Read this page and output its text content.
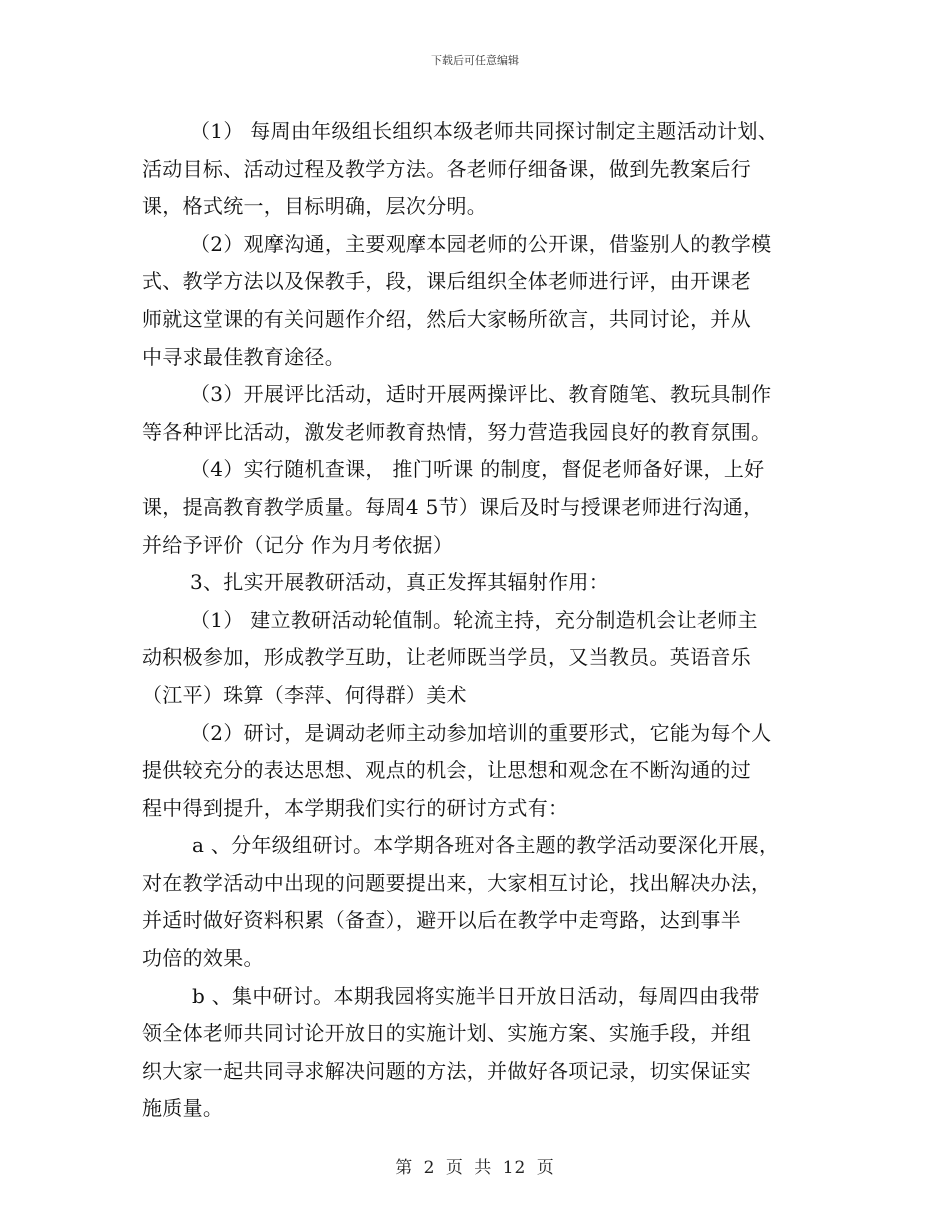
下载后可任意编辑
（1） 每周由年级组长组织本级老师共同探讨制定主题活动计划、
活动目标、活动过程及教学方法。各老师仔细备课，做到先教案后行
课，格式统一，目标明确，层次分明。
（2）观摩沟通，主要观摩本园老师的公开课，借鉴别人的教学模
式、教学方法以及保教手，段，课后组织全体老师进行评，由开课老
师就这堂课的有关问题作介绍，然后大家畅所欲言，共同讨论，并从
中寻求最佳教育途径。
（3）开展评比活动，适时开展两操评比、教育随笔、教玩具制作
等各种评比活动，激发老师教育热情，努力营造我园良好的教育氛围。
（4）实行随机查课， 推门听课 的制度，督促老师备好课，上好
课，提高教育教学质量。每周4 5节）课后及时与授课老师进行沟通，
并给予评价（记分 作为月考依据）
3、扎实开展教研活动，真正发挥其辐射作用：
（1） 建立教研活动轮值制。轮流主持，充分制造机会让老师主
动积极参加，形成教学互助，让老师既当学员，又当教员。英语音乐
（江平）珠算（李萍、何得群）美术
（2）研讨，是调动老师主动参加培训的重要形式，它能为每个人
提供较充分的表达思想、观点的机会，让思想和观念在不断沟通的过
程中得到提升，本学期我们实行的研讨方式有：
a 、分年级组研讨。本学期各班对各主题的教学活动要深化开展，
对在教学活动中出现的问题要提出来，大家相互讨论，找出解决办法，
并适时做好资料积累（备查），避开以后在教学中走弯路，达到事半
功倍的效果。
b 、集中研讨。本期我园将实施半日开放日活动，每周四由我带
领全体老师共同讨论开放日的实施计划、实施方案、实施手段，并组
织大家一起共同寻求解决问题的方法，并做好各项记录，切实保证实
施质量。
第 2 页 共 12 页
